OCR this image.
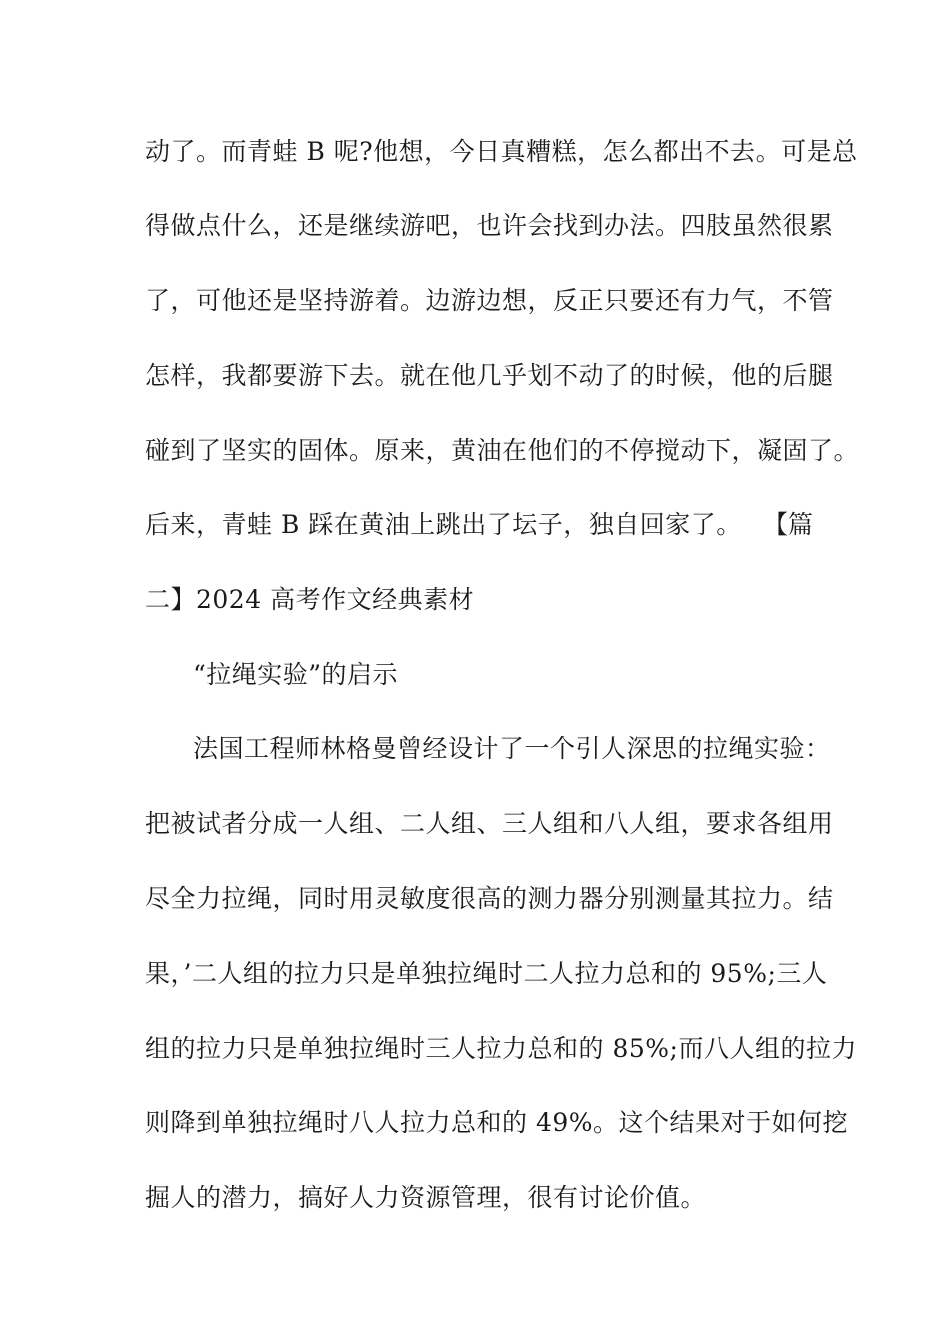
动了。而青蛙 B 呢?他想，今日真糟糕，怎么都出不去。可是总
得做点什么，还是继续游吧，也许会找到办法。四肢虽然很累
了，可他还是坚持游着。边游边想，反正只要还有力气，不管
怎样，我都要游下去。就在他几乎划不动了的时候，他的后腿
碰到了坚实的固体。原来，黄油在他们的不停搅动下，凝固了。
后来，青蛙 B 踩在黄油上跳出了坛子，独自回家了。 【篇
二】2024 高考作文经典素材
“拉绳实验”的启示
法国工程师林格曼曾经设计了一个引人深思的拉绳实验：
把被试者分成一人组、二人组、三人组和八人组，要求各组用
尽全力拉绳，同时用灵敏度很高的测力器分别测量其拉力。结
果，’二人组的拉力只是单独拉绳时二人拉力总和的 95%;三人
组的拉力只是单独拉绳时三人拉力总和的 85%;而八人组的拉力
则降到单独拉绳时八人拉力总和的 49%。这个结果对于如何挖
掘人的潜力，搞好人力资源管理，很有讨论价值。
